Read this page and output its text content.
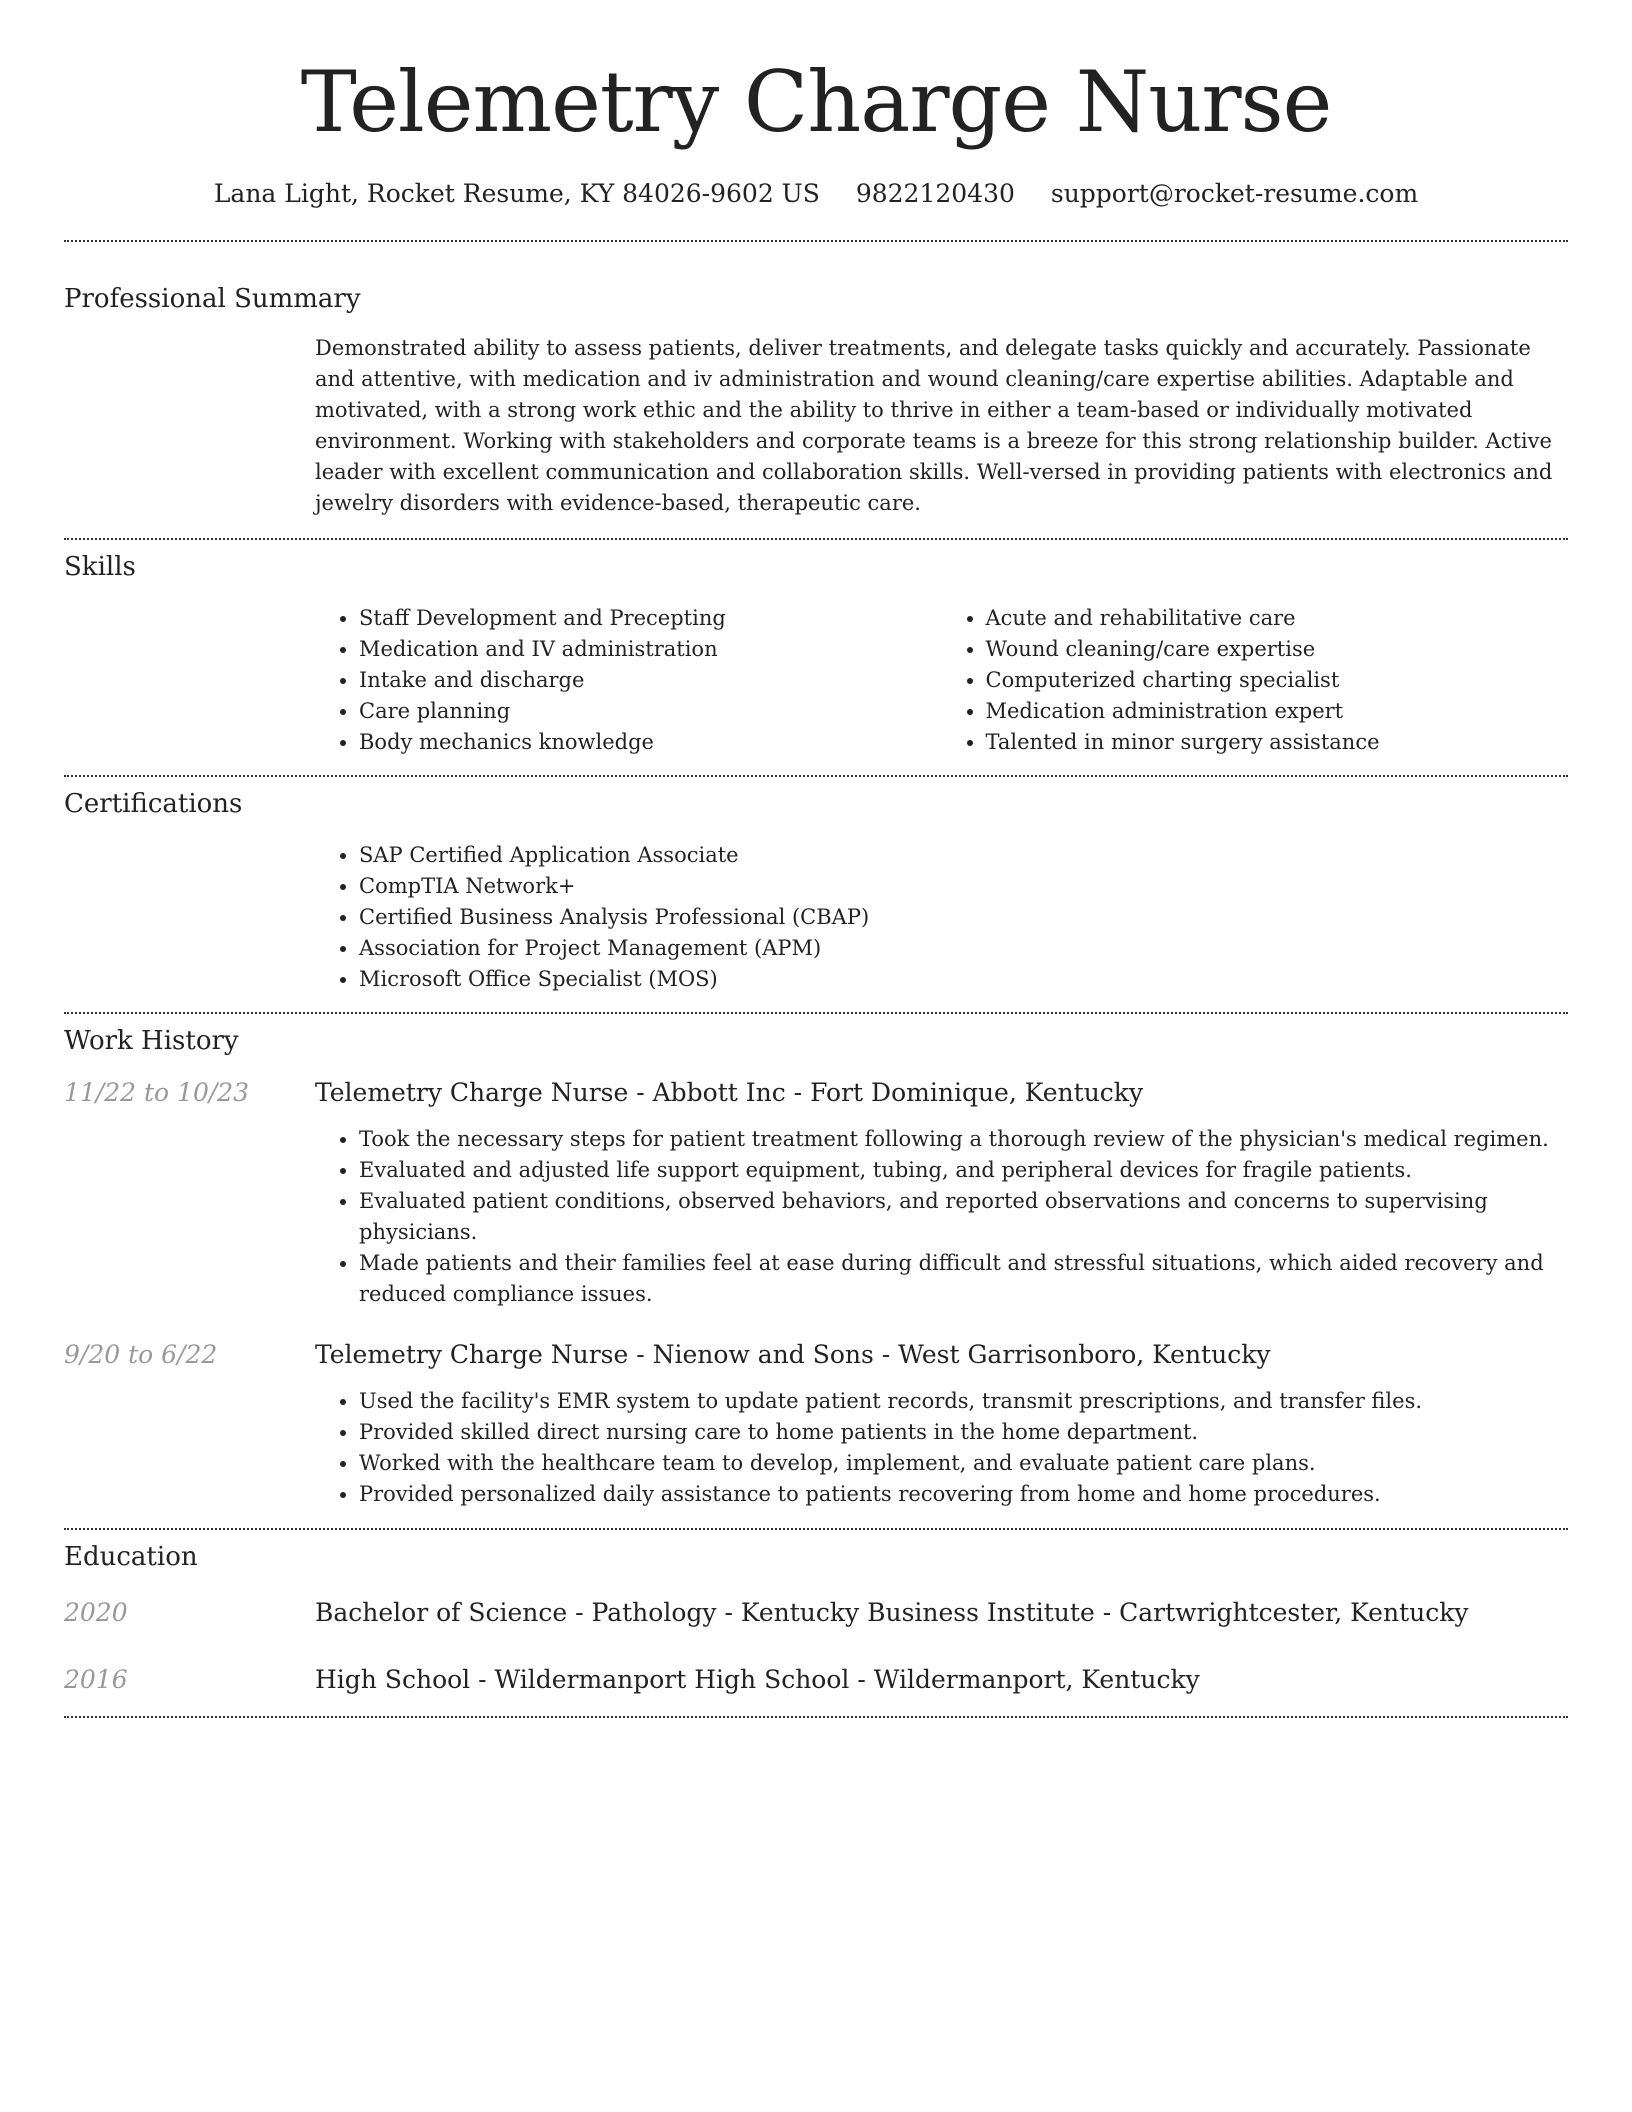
Telemetry Charge Nurse
Lana Light, Rocket Resume, KY 84026-9602 US 9822120430 support@rocket-resume.com
Professional Summary

Demonstrated ability to assess patients, deliver treatments, and delegate tasks quickly and accurately. Passionate and attentive, with medication and iv administration and wound cleaning/care expertise abilities. Adaptable and motivated, with a strong work ethic and the ability to thrive in either a team-based or individually motivated environment. Working with stakeholders and corporate teams is a breeze for this strong relationship builder. Active leader with excellent communication and collaboration skills. Well-versed in providing patients with electronics and jewelry disorders with evidence-based, therapeutic care.

Skills
• Staff Development and Precepting
• Medication and IV administration
• Intake and discharge
• Care planning
• Body mechanics knowledge
• Acute and rehabilitative care
• Wound cleaning/care expertise
• Computerized charting specialist
• Medication administration expert
• Talented in minor surgery assistance
Certifications
• SAP Certified Application Associate
• CompTIA Network+
• Certified Business Analysis Professional (CBAP)
• Association for Project Management (APM)
• Microsoft Office Specialist (MOS)
Work History
11/22 to 10/23	Telemetry Charge Nurse - Abbott Inc - Fort Dominique, Kentucky
• Took the necessary steps for patient treatment following a thorough review of the physician's medical regimen.
• Evaluated and adjusted life support equipment, tubing, and peripheral devices for fragile patients.
• Evaluated patient conditions, observed behaviors, and reported observations and concerns to supervising physicians.
• Made patients and their families feel at ease during difficult and stressful situations, which aided recovery and reduced compliance issues.
9/20 to 6/22	Telemetry Charge Nurse - Nienow and Sons - West Garrisonboro, Kentucky
• Used the facility's EMR system to update patient records, transmit prescriptions, and transfer files.
• Provided skilled direct nursing care to home patients in the home department.
• Worked with the healthcare team to develop, implement, and evaluate patient care plans.
• Provided personalized daily assistance to patients recovering from home and home procedures.
Education
2020	Bachelor of Science - Pathology - Kentucky Business Institute - Cartwrightcester, Kentucky
2016	High School - Wildermanport High School - Wildermanport, Kentucky
